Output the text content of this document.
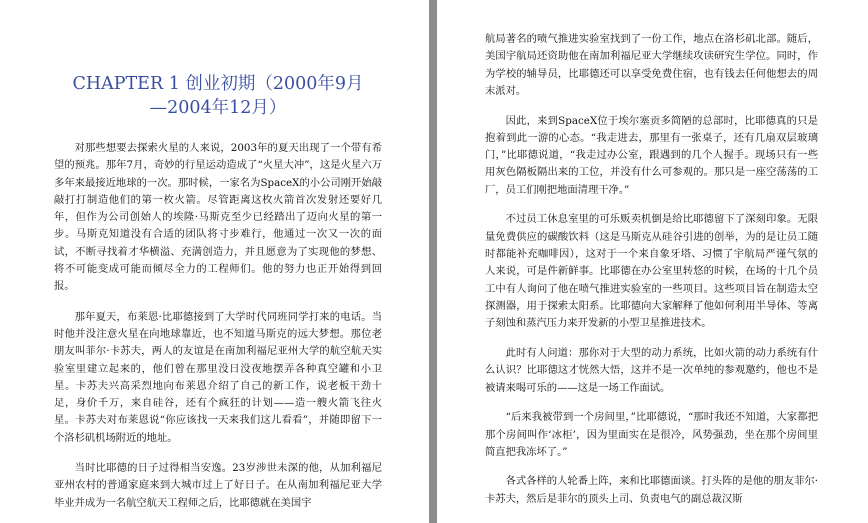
CHAPTER 1 创业初期（2000年9月
—2004年12月）

对那些想要去探索火星的人来说，2003年的夏天出现了一个带有希望的预兆。那年7月，奇妙的行星运动造成了“火星大冲”，这是火星六万多年来最接近地球的一次。那时候，一家名为SpaceX的小公司刚开始敲敲打打制造他们的第一枚火箭。尽管距离这枚火箭首次发射还要好几年，但作为公司创始人的埃隆·马斯克至少已经踏出了迈向火星的第一步。马斯克知道没有合适的团队将寸步难行，他通过一次又一次的面试，不断寻找着才华横溢、充满创造力，并且愿意为了实现他的梦想、将不可能变成可能而倾尽全力的工程师们。他的努力也正开始得到回报。

那年夏天，布莱恩·比耶德接到了大学时代同班同学打来的电话。当时他并没注意火星在向地球靠近，也不知道马斯克的远大梦想。那位老朋友叫菲尔·卡苏夫，两人的友谊是在南加利福尼亚州大学的航空航天实验室里建立起来的，他们曾在那里没日没夜地摆弄各种真空罐和小卫星。卡苏夫兴高采烈地向布莱恩介绍了自己的新工作，说老板干劲十足，身价千万，来自硅谷，还有个疯狂的计划——造一艘火箭飞往火星。卡苏夫对布莱恩说“你应该找一天来我们这儿看看”，并随即留下一个洛杉矶机场附近的地址。

当时比耶德的日子过得相当安逸。23岁涉世未深的他，从加利福尼亚州农村的普通家庭来到大城市过上了好日子。在从南加利福尼亚大学毕业并成为一名航空航天工程师之后，比耶德就在美国宇

航局著名的喷气推进实验室找到了一份工作，地点在洛杉矶北部。随后，美国宇航局还资助他在南加利福尼亚大学继续攻读研究生学位。同时，作为学校的辅导员，比耶德还可以享受免费住宿，也有钱去任何他想去的周末派对。

因此，来到SpaceX位于埃尔塞贡多简陋的总部时，比耶德真的只是抱着到此一游的心态。“我走进去，那里有一张桌子，还有几扇双层玻璃门，”比耶德说道，“我走过办公室，跟遇到的几个人握手。现场只有一些用灰色隔板隔出来的工位，并没有什么可参观的。那只是一座空荡荡的工厂，员工们刚把地面清理干净。”

不过员工休息室里的可乐贩卖机倒是给比耶德留下了深刻印象。无限量免费供应的碳酸饮料（这是马斯克从硅谷引进的创举，为的是让员工随时都能补充咖啡因），这对于一个来自象牙塔、习惯了宇航局严谨气氛的人来说，可是件新鲜事。比耶德在办公室里转悠的时候，在场的十几个员工中有人询问了他在喷气推进实验室的一些项目。这些项目旨在制造太空探测器，用于探索太阳系。比耶德向大家解释了他如何利用半导体、等离子刻蚀和蒸汽压力来开发新的小型卫星推进技术。

此时有人问道：那你对于大型的动力系统，比如火箭的动力系统有什么认识？比耶德这才恍然大悟，这并不是一次单纯的参观邀约，他也不是被请来喝可乐的——这是一场工作面试。

“后来我被带到一个房间里，”比耶德说，“那时我还不知道，大家都把那个房间叫作‘冰柜’，因为里面实在是很冷，风势强劲，坐在那个房间里简直把我冻坏了。”

各式各样的人轮番上阵，来和比耶德面谈。打头阵的是他的朋友菲尔·卡苏夫，然后是菲尔的顶头上司、负责电气的副总裁汉斯
